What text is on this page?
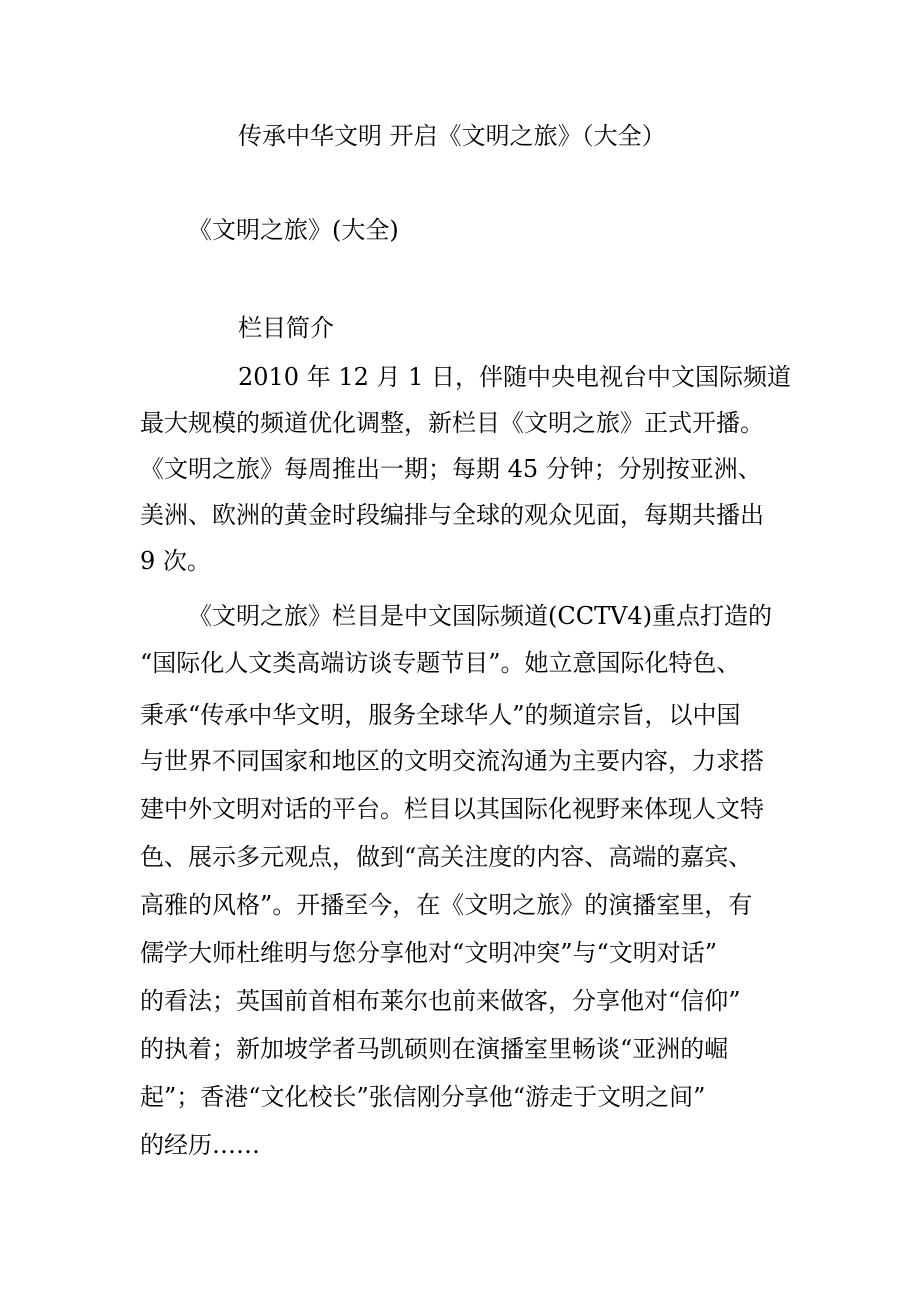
传承中华文明 开启《文明之旅》（大全）
《文明之旅》(大全)
栏目简介
2010 年 12 月 1 日，伴随中央电视台中文国际频道
最大规模的频道优化调整，新栏目《文明之旅》正式开播。
《文明之旅》每周推出一期；每期 45 分钟；分别按亚洲、
美洲、欧洲的黄金时段编排与全球的观众见面，每期共播出
9 次。
《文明之旅》栏目是中文国际频道(CCTV4)重点打造的
“国际化人文类高端访谈专题节目”。她立意国际化特色、
秉承“传承中华文明，服务全球华人”的频道宗旨，以中国
与世界不同国家和地区的文明交流沟通为主要内容，力求搭
建中外文明对话的平台。栏目以其国际化视野来体现人文特
色、展示多元观点，做到“高关注度的内容、高端的嘉宾、
高雅的风格”。开播至今，在《文明之旅》的演播室里，有
儒学大师杜维明与您分享他对“文明冲突”与“文明对话”
的看法；英国前首相布莱尔也前来做客，分享他对“信仰”
的执着；新加坡学者马凯硕则在演播室里畅谈“亚洲的崛
起”；香港“文化校长”张信刚分享他“游走于文明之间”
的经历……
